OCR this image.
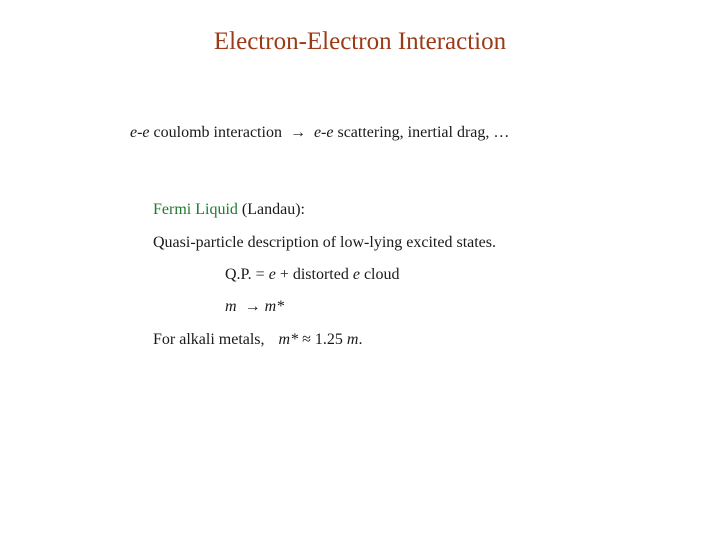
Electron-Electron Interaction
e-e coulomb interaction → e-e scattering, inertial drag, …
Fermi Liquid (Landau):
Quasi-particle description of low-lying excited states.
Q.P. = e + distorted e cloud
m → m*
For alkali metals, m* ≈ 1.25 m.
